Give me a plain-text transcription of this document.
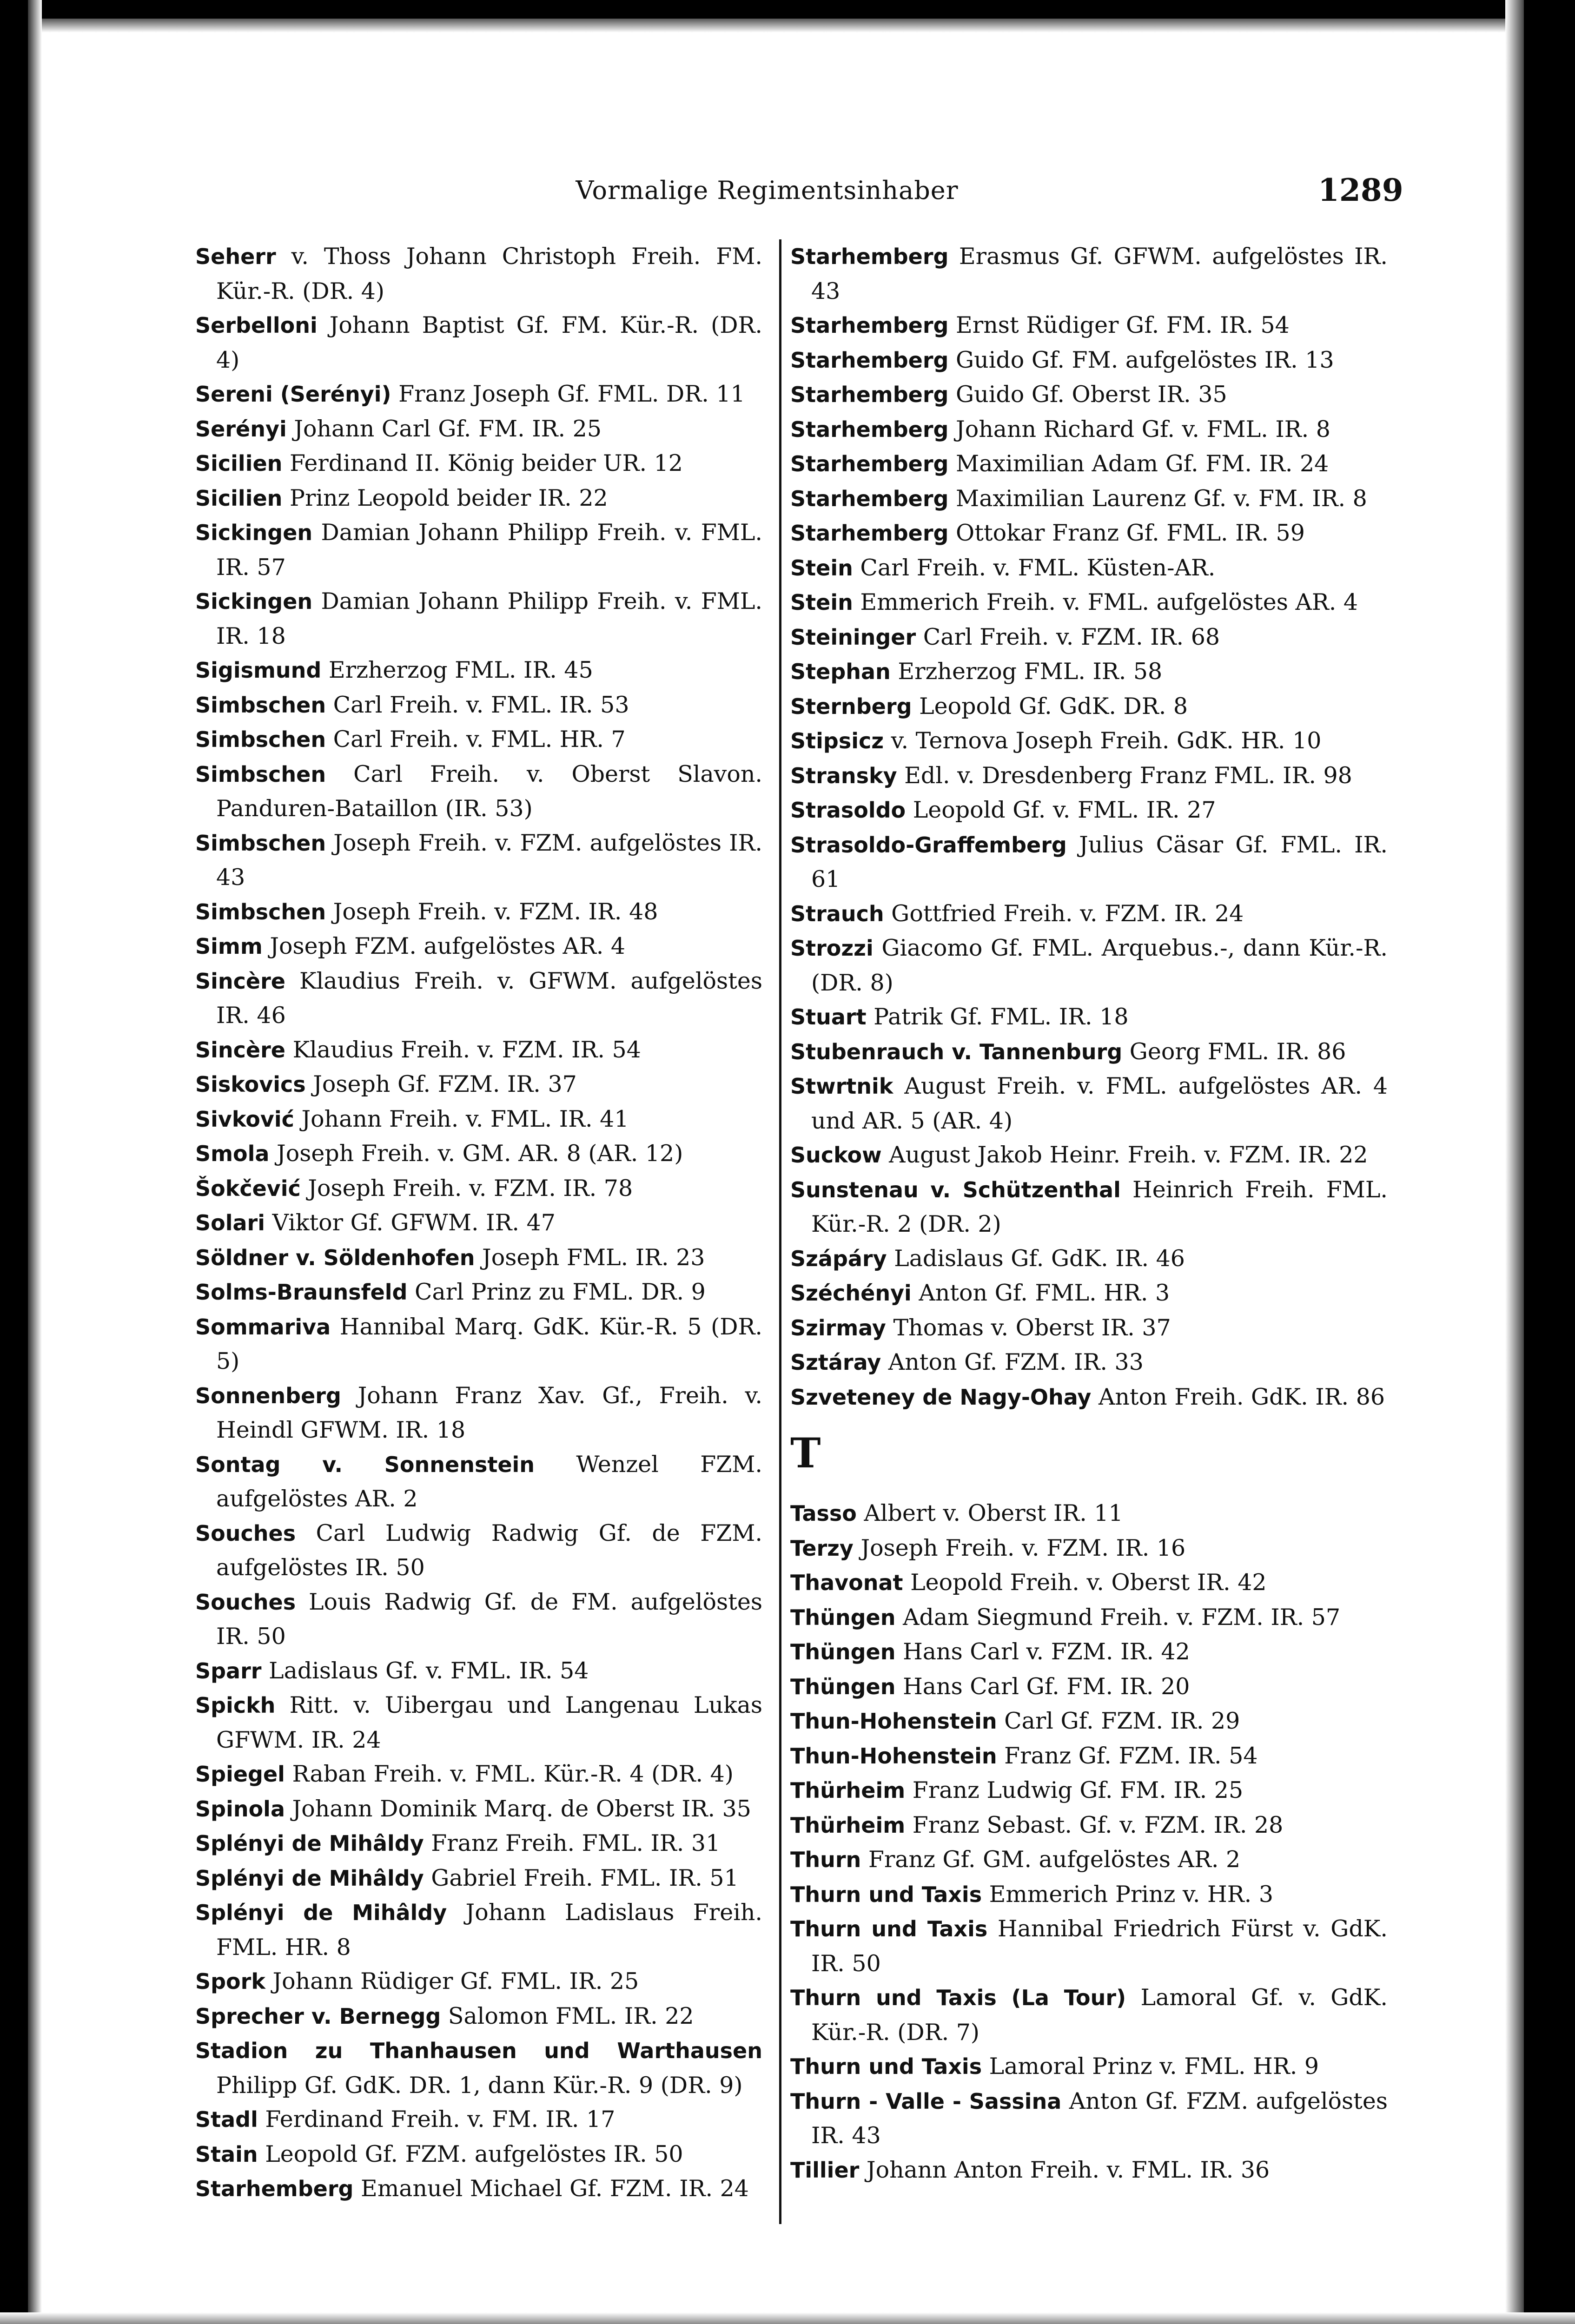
Vormalige Regimentsinhaber	1289
Seherr v. Thoss Johann Christoph Freih. FM. Kür.-R. (DR. 4)
Serbelloni Johann Baptist Gf. FM. Kür.-R. (DR. 4)
Sereni (Serényi) Franz Joseph Gf. FML. DR. 11
Serényi Johann Carl Gf. FM. IR. 25
Sicilien Ferdinand II. König beider UR. 12
Sicilien Prinz Leopold beider IR. 22
Sickingen Damian Johann Philipp Freih. v. FML. IR. 57
Sickingen Damian Johann Philipp Freih. v. FML. IR. 18
Sigismund Erzherzog FML. IR. 45
Simbschen Carl Freih. v. FML. IR. 53
Simbschen Carl Freih. v. FML. HR. 7
Simbschen Carl Freih. v. Oberst Slavon. Panduren-Bataillon (IR. 53)
Simbschen Joseph Freih. v. FZM. aufgelöstes IR. 43
Simbschen Joseph Freih. v. FZM. IR. 48
Simm Joseph FZM. aufgelöstes AR. 4
Sincère Klaudius Freih. v. GFWM. aufgelöstes IR. 46
Sincère Klaudius Freih. v. FZM. IR. 54
Siskovics Joseph Gf. FZM. IR. 37
Sivković Johann Freih. v. FML. IR. 41
Smola Joseph Freih. v. GM. AR. 8 (AR. 12)
Šokčević Joseph Freih. v. FZM. IR. 78
Solari Viktor Gf. GFWM. IR. 47
Söldner v. Söldenhofen Joseph FML. IR. 23
Solms-Braunsfeld Carl Prinz zu FML. DR. 9
Sommariva Hannibal Marq. GdK. Kür.-R. 5 (DR. 5)
Sonnenberg Johann Franz Xav. Gf., Freih. v. Heindl GFWM. IR. 18
Sontag v. Sonnenstein Wenzel FZM. aufgelöstes AR. 2
Souches Carl Ludwig Radwig Gf. de FZM. aufgelöstes IR. 50
Souches Louis Radwig Gf. de FM. aufgelöstes IR. 50
Sparr Ladislaus Gf. v. FML. IR. 54
Spickh Ritt. v. Uibergau und Langenau Lukas GFWM. IR. 24
Spiegel Raban Freih. v. FML. Kür.-R. 4 (DR. 4)
Spinola Johann Dominik Marq. de Oberst IR. 35
Splényi de Mihâldy Franz Freih. FML. IR. 31
Splényi de Mihâldy Gabriel Freih. FML. IR. 51
Splényi de Mihâldy Johann Ladislaus Freih. FML. HR. 8
Spork Johann Rüdiger Gf. FML. IR. 25
Sprecher v. Bernegg Salomon FML. IR. 22
Stadion zu Thanhausen und Warthausen Philipp Gf. GdK. DR. 1, dann Kür.-R. 9 (DR. 9)
Stadl Ferdinand Freih. v. FM. IR. 17
Stain Leopold Gf. FZM. aufgelöstes IR. 50
Starhemberg Emanuel Michael Gf. FZM. IR. 24
Starhemberg Erasmus Gf. GFWM. aufgelöstes IR. 43
Starhemberg Ernst Rüdiger Gf. FM. IR. 54
Starhemberg Guido Gf. FM. aufgelöstes IR. 13
Starhemberg Guido Gf. Oberst IR. 35
Starhemberg Johann Richard Gf. v. FML. IR. 8
Starhemberg Maximilian Adam Gf. FM. IR. 24
Starhemberg Maximilian Laurenz Gf. v. FM. IR. 8
Starhemberg Ottokar Franz Gf. FML. IR. 59
Stein Carl Freih. v. FML. Küsten-AR.
Stein Emmerich Freih. v. FML. aufgelöstes AR. 4
Steininger Carl Freih. v. FZM. IR. 68
Stephan Erzherzog FML. IR. 58
Sternberg Leopold Gf. GdK. DR. 8
Stipsicz v. Ternova Joseph Freih. GdK. HR. 10
Stransky Edl. v. Dresdenberg Franz FML. IR. 98
Strasoldo Leopold Gf. v. FML. IR. 27
Strasoldo-Graffemberg Julius Cäsar Gf. FML. IR. 61
Strauch Gottfried Freih. v. FZM. IR. 24
Strozzi Giacomo Gf. FML. Arquebus.-, dann Kür.-R. (DR. 8)
Stuart Patrik Gf. FML. IR. 18
Stubenrauch v. Tannenburg Georg FML. IR. 86
Stwrtnik August Freih. v. FML. aufgelöstes AR. 4 und AR. 5 (AR. 4)
Suckow August Jakob Heinr. Freih. v. FZM. IR. 22
Sunstenau v. Schützenthal Heinrich Freih. FML. Kür.-R. 2 (DR. 2)
Szápáry Ladislaus Gf. GdK. IR. 46
Széchényi Anton Gf. FML. HR. 3
Szirmay Thomas v. Oberst IR. 37
Sztáray Anton Gf. FZM. IR. 33
Szveteney de Nagy-Ohay Anton Freih. GdK. IR. 86
T
Tasso Albert v. Oberst IR. 11
Terzy Joseph Freih. v. FZM. IR. 16
Thavonat Leopold Freih. v. Oberst IR. 42
Thüngen Adam Siegmund Freih. v. FZM. IR. 57
Thüngen Hans Carl v. FZM. IR. 42
Thüngen Hans Carl Gf. FM. IR. 20
Thun-Hohenstein Carl Gf. FZM. IR. 29
Thun-Hohenstein Franz Gf. FZM. IR. 54
Thürheim Franz Ludwig Gf. FM. IR. 25
Thürheim Franz Sebast. Gf. v. FZM. IR. 28
Thurn Franz Gf. GM. aufgelöstes AR. 2
Thurn und Taxis Emmerich Prinz v. HR. 3
Thurn und Taxis Hannibal Friedrich Fürst v. GdK. IR. 50
Thurn und Taxis (La Tour) Lamoral Gf. v. GdK. Kür.-R. (DR. 7)
Thurn und Taxis Lamoral Prinz v. FML. HR. 9
Thurn - Valle - Sassina Anton Gf. FZM. aufgelöstes IR. 43
Tillier Johann Anton Freih. v. FML. IR. 36
